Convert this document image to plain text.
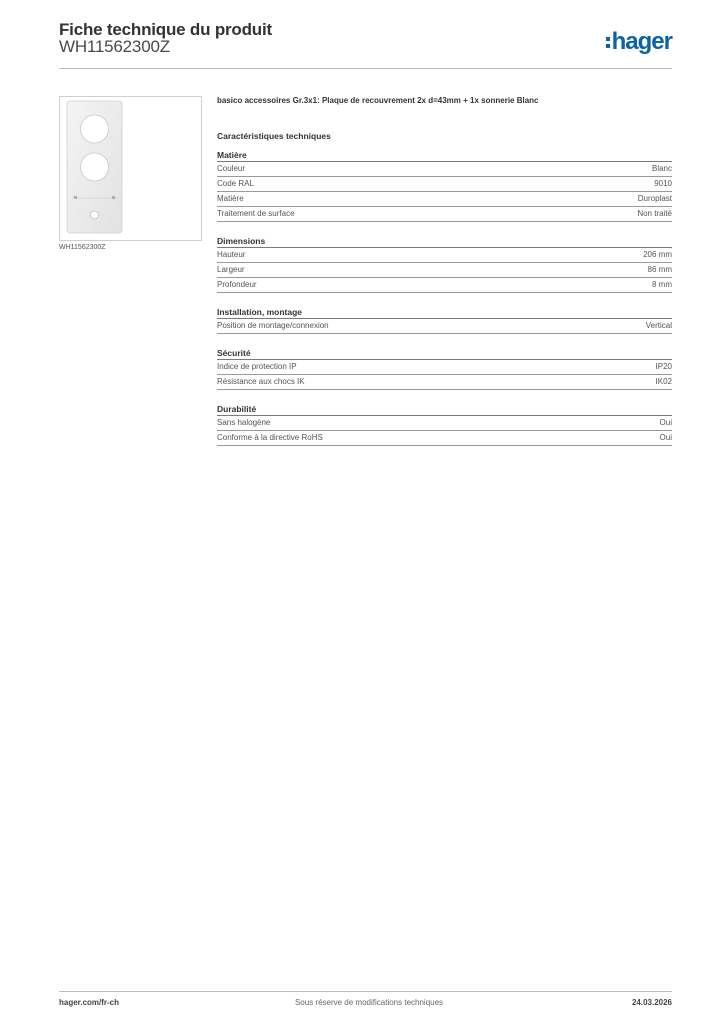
Fiche technique du produit
WH11562300Z	hager
WH11562300Z
basico accessoires Gr.3x1: Plaque de recouvrement 2x d=43mm + 1x sonnerie Blanc
Caractéristiques techniques
Matière
Couleur	Blanc
Code RAL	9010
Matière	Duroplast
Traitement de surface	Non traité
Dimensions
Hauteur	206 mm
Largeur	86 mm
Profondeur	8 mm
Installation, montage
Position de montage/connexion	Vertical
Sécurité
Indice de protection IP	IP20
Résistance aux chocs IK	IK02
Durabilité
Sans halogène	Oui
Conforme à la directive RoHS	Oui
hager.com/fr-ch	Sous réserve de modifications techniques	24.03.2026
